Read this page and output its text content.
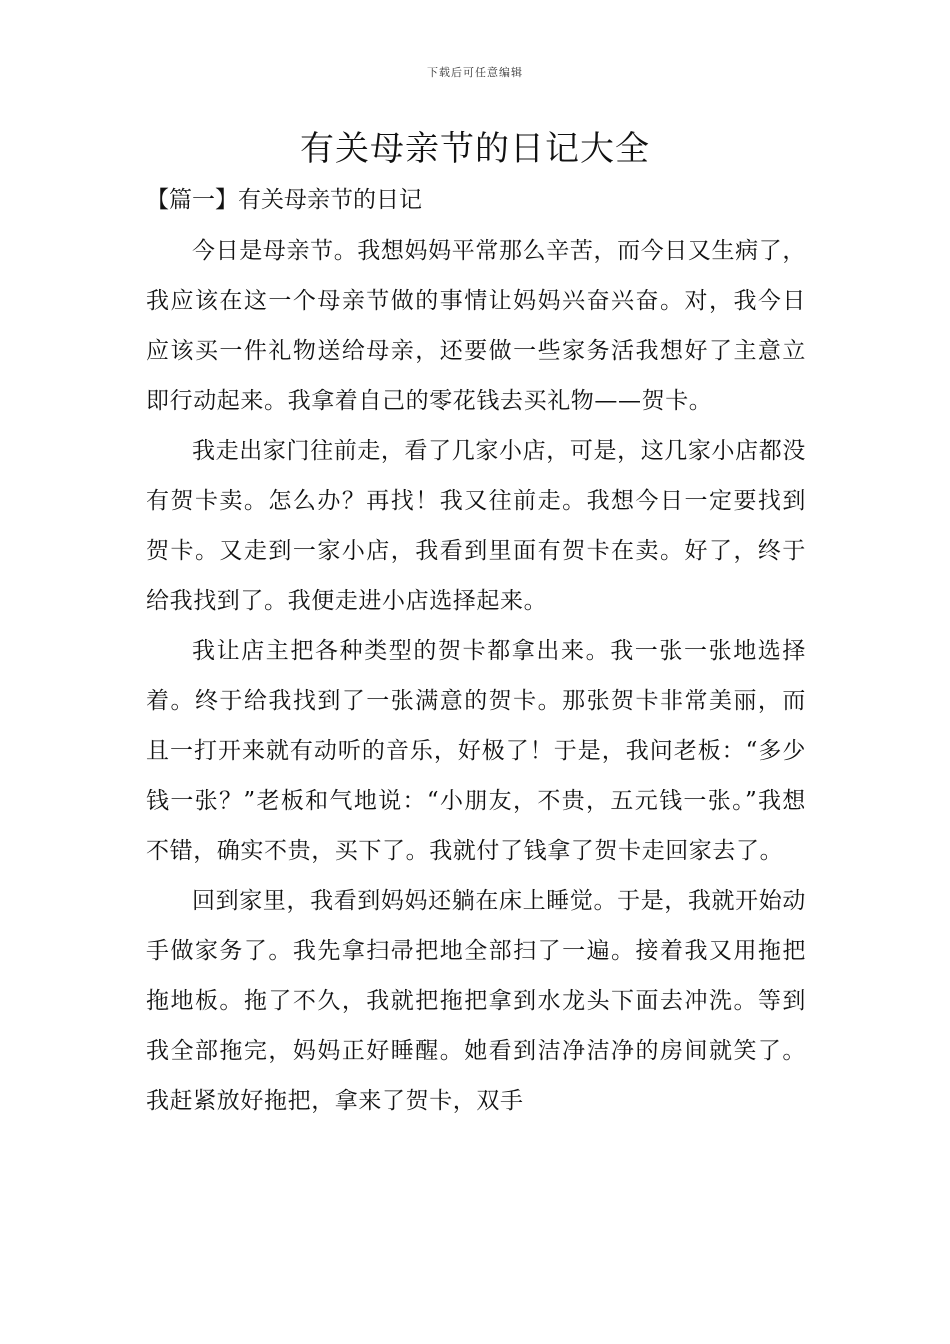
下载后可任意编辑
有关母亲节的日记大全
【篇一】有关母亲节的日记

今日是母亲节。我想妈妈平常那么辛苦，而今日又生病了，我应该在这一个母亲节做的事情让妈妈兴奋兴奋。对，我今日应该买一件礼物送给母亲，还要做一些家务活我想好了主意立即行动起来。我拿着自己的零花钱去买礼物——贺卡。

我走出家门往前走，看了几家小店，可是，这几家小店都没有贺卡卖。怎么办？再找！我又往前走。我想今日一定要找到贺卡。又走到一家小店，我看到里面有贺卡在卖。好了，终于给我找到了。我便走进小店选择起来。

我让店主把各种类型的贺卡都拿出来。我一张一张地选择着。终于给我找到了一张满意的贺卡。那张贺卡非常美丽，而且一打开来就有动听的音乐，好极了！于是，我问老板：“多少钱一张？”老板和气地说：“小朋友，不贵，五元钱一张。”我想不错，确实不贵，买下了。我就付了钱拿了贺卡走回家去了。

回到家里，我看到妈妈还躺在床上睡觉。于是，我就开始动手做家务了。我先拿扫帚把地全部扫了一遍。接着我又用拖把拖地板。拖了不久，我就把拖把拿到水龙头下面去冲洗。等到我全部拖完，妈妈正好睡醒。她看到洁净洁净的房间就笑了。我赶紧放好拖把，拿来了贺卡，双手
